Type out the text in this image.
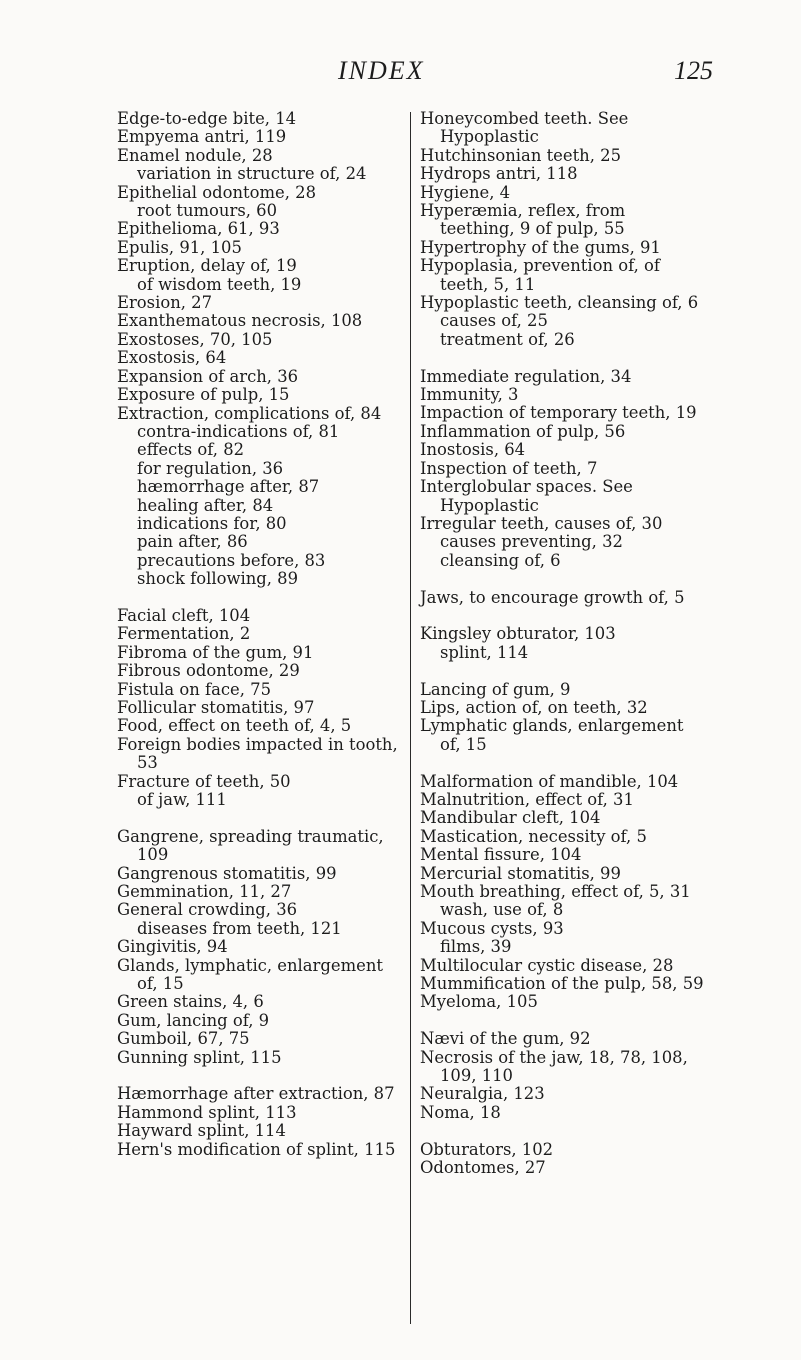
INDEX	125
Edge-to-edge bite, 14
Empyema antri, 119
Enamel nodule, 28
variation in structure of, 24
Epithelial odontome, 28
root tumours, 60
Epithelioma, 61, 93
Epulis, 91, 105
Eruption, delay of, 19
of wisdom teeth, 19
Erosion, 27
Exanthematous necrosis, 108
Exostoses, 70, 105
Exostosis, 64
Expansion of arch, 36
Exposure of pulp, 15
Extraction, complications of, 84
contra-indications of, 81
effects of, 82
for regulation, 36
hæmorrhage after, 87
healing after, 84
indications for, 80
pain after, 86
precautions before, 83
shock following, 89
Facial cleft, 104
Fermentation, 2
Fibroma of the gum, 91
Fibrous odontome, 29
Fistula on face, 75
Follicular stomatitis, 97
Food, effect on teeth of, 4, 5
Foreign bodies impacted in tooth, 53
Fracture of teeth, 50
of jaw, 111
Gangrene, spreading traumatic, 109
Gangrenous stomatitis, 99
Gemmination, 11, 27
General crowding, 36
diseases from teeth, 121
Gingivitis, 94
Glands, lymphatic, enlargement of, 15
Green stains, 4, 6
Gum, lancing of, 9
Gumboil, 67, 75
Gunning splint, 115
Hæmorrhage after extraction, 87
Hammond splint, 113
Hayward splint, 114
Hern's modification of splint, 115
Honeycombed teeth. See Hypoplastic
Hutchinsonian teeth, 25
Hydrops antri, 118
Hygiene, 4
Hyperæmia, reflex, from teething, 9 of pulp, 55
Hypertrophy of the gums, 91
Hypoplasia, prevention of, of teeth, 5, 11
Hypoplastic teeth, cleansing of, 6
causes of, 25
treatment of, 26
Immediate regulation, 34
Immunity, 3
Impaction of temporary teeth, 19
Inflammation of pulp, 56
Inostosis, 64
Inspection of teeth, 7
Interglobular spaces. See Hypoplastic
Irregular teeth, causes of, 30
causes preventing, 32
cleansing of, 6
Jaws, to encourage growth of, 5
Kingsley obturator, 103
splint, 114
Lancing of gum, 9
Lips, action of, on teeth, 32
Lymphatic glands, enlargement of, 15
Malformation of mandible, 104
Malnutrition, effect of, 31
Mandibular cleft, 104
Mastication, necessity of, 5
Mental fissure, 104
Mercurial stomatitis, 99
Mouth breathing, effect of, 5, 31
wash, use of, 8
Mucous cysts, 93
films, 39
Multilocular cystic disease, 28
Mummification of the pulp, 58, 59
Myeloma, 105
Nævi of the gum, 92
Necrosis of the jaw, 18, 78, 108, 109, 110
Neuralgia, 123
Noma, 18
Obturators, 102
Odontomes, 27
